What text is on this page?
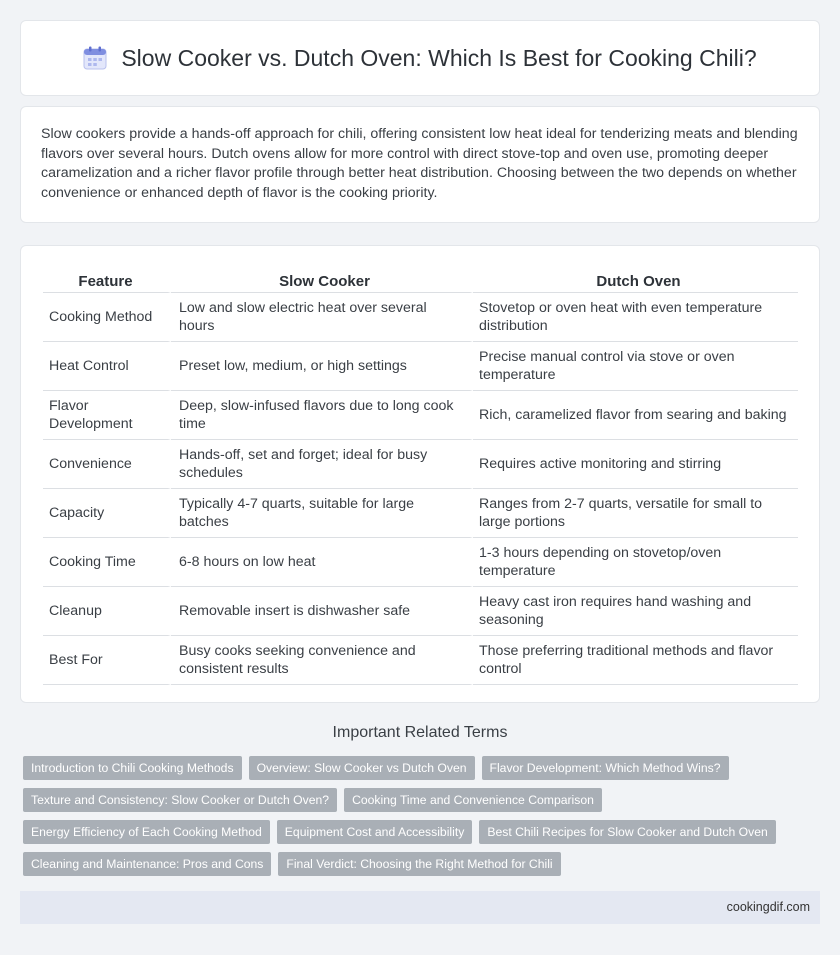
Slow Cooker vs. Dutch Oven: Which Is Best for Cooking Chili?

Slow cookers provide a hands-off approach for chili, offering consistent low heat ideal for tenderizing meats and blending flavors over several hours. Dutch ovens allow for more control with direct stove-top and oven use, promoting deeper caramelization and a richer flavor profile through better heat distribution. Choosing between the two depends on whether convenience or enhanced depth of flavor is the cooking priority.

Feature	Slow Cooker	Dutch Oven
Cooking Method	Low and slow electric heat over several hours	Stovetop or oven heat with even temperature distribution
Heat Control	Preset low, medium, or high settings	Precise manual control via stove or oven temperature
Flavor Development	Deep, slow-infused flavors due to long cook time	Rich, caramelized flavor from searing and baking
Convenience	Hands-off, set and forget; ideal for busy schedules	Requires active monitoring and stirring
Capacity	Typically 4-7 quarts, suitable for large batches	Ranges from 2-7 quarts, versatile for small to large portions
Cooking Time	6-8 hours on low heat	1-3 hours depending on stovetop/oven temperature
Cleanup	Removable insert is dishwasher safe	Heavy cast iron requires hand washing and seasoning
Best For	Busy cooks seeking convenience and consistent results	Those preferring traditional methods and flavor control
Important Related Terms
Introduction to Chili Cooking Methods	Overview: Slow Cooker vs Dutch Oven	Flavor Development: Which Method Wins?
Texture and Consistency: Slow Cooker or Dutch Oven?	Cooking Time and Convenience Comparison
Energy Efficiency of Each Cooking Method	Equipment Cost and Accessibility	Best Chili Recipes for Slow Cooker and Dutch Oven
Cleaning and Maintenance: Pros and Cons	Final Verdict: Choosing the Right Method for Chili
cookingdif.com
